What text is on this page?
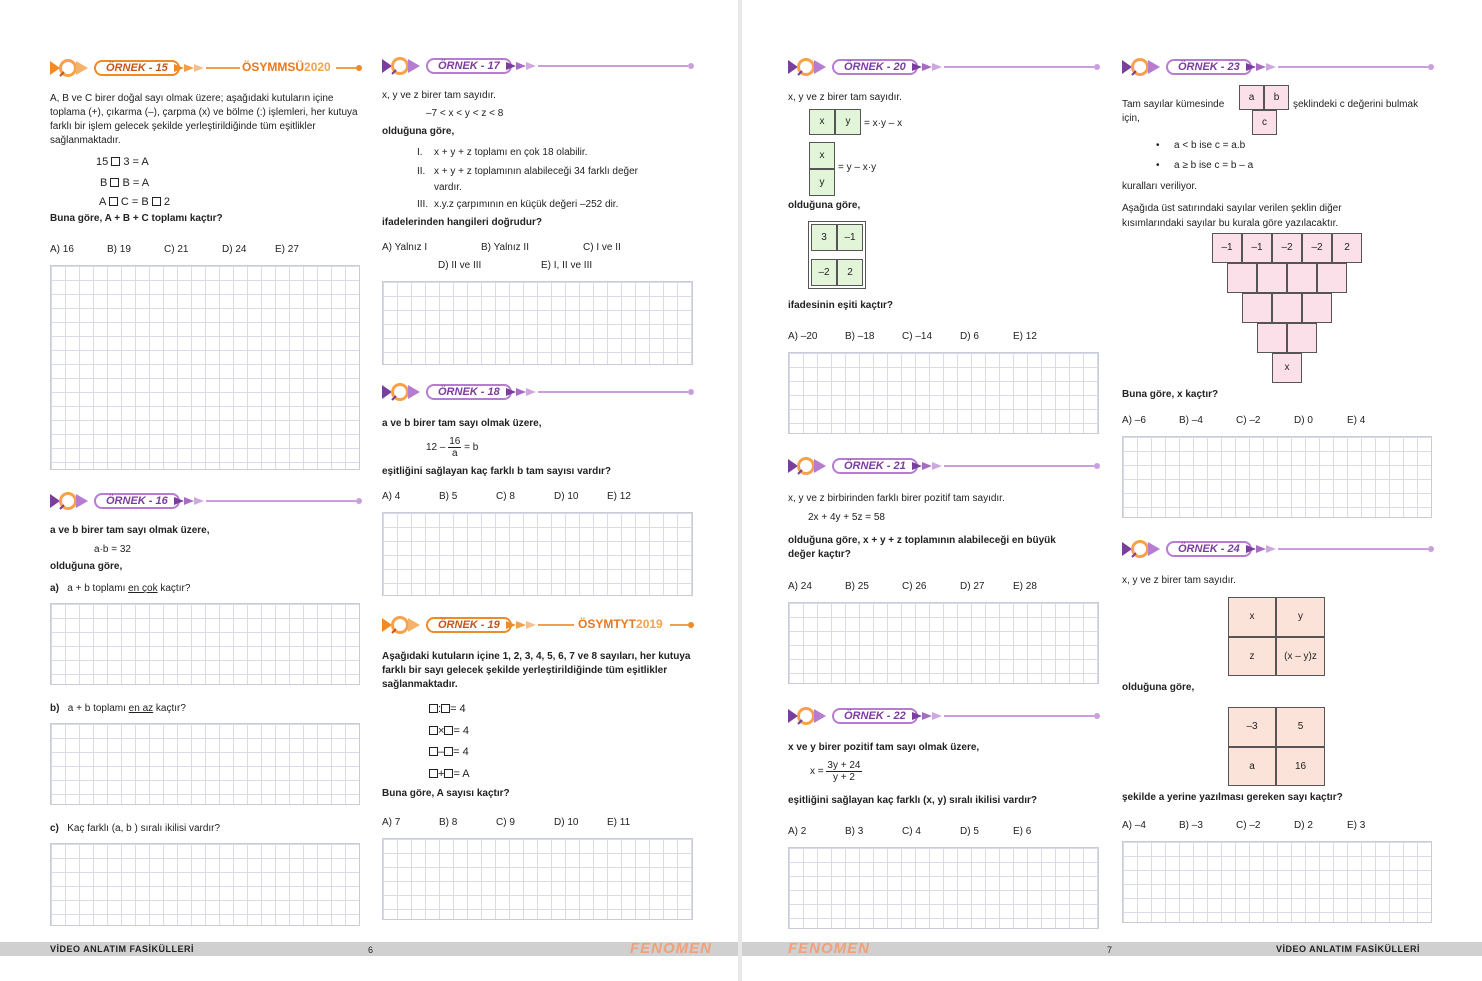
ÖRNEK - 15	ÖSYMMSÜ2020
A, B ve C birer doğal sayı olmak üzere; aşağıdaki kutuların içine toplama (+), çıkarma (–), çarpma (x) ve bölme (:) işlemleri, her kutuya farklı bir işlem gelecek şekilde yerleştirildiğinde tüm eşitlikler sağlanmaktadır.
15 3 = A
B B = A
A C = B 2
Buna göre, A + B + C toplamı kaçtır?
A) 16	B) 19	C) 21	D) 24	E) 27
ÖRNEK - 16
a ve b birer tam sayı olmak üzere,
a·b = 32
olduğuna göre,
a) a + b toplamı en çok kaçtır?
b) a + b toplamı en az kaçtır?
c) Kaç farklı (a, b ) sıralı ikilisi vardır?
ÖRNEK - 17
x, y ve z birer tam sayıdır.
–7 < x < y < z < 8
olduğuna göre,
I. x + y + z toplamı en çok 18 olabilir.
II. x + y + z toplamının alabileceği 34 farklı değer
vardır.
III. x.y.z çarpımının en küçük değeri –252 dir.
ifadelerinden hangileri doğrudur?
A) Yalnız I	B) Yalnız II	C) I ve II
D) II ve III	E) I, II ve III
ÖRNEK - 18
a ve b birer tam sayı olmak üzere,
$12 - \frac{16}{a} = b$
eşitliğini sağlayan kaç farklı b tam sayısı vardır?
A) 4	B) 5	C) 8	D) 10	E) 12
ÖRNEK - 19	ÖSYMTYT2019
Aşağıdaki kutuların içine 1, 2, 3, 4, 5, 6, 7 ve 8 sayıları, her kutuya farklı bir sayı gelecek şekilde yerleştirildiğinde tüm eşitlikler sağlanmaktadır.
: = 4
× = 4
– = 4
+ = A
Buna göre, A sayısı kaçtır?
A) 7	B) 8	C) 9	D) 10	E) 11
VİDEO ANLATIM FASİKÜLLERİ	6	FENOMEN
ÖRNEK - 20
x, y ve z birer tam sayıdır.
x	y	= x·y – x
x
y
= y – x·y
olduğuna göre,
3	–1
–2	2
ifadesinin eşiti kaçtır?
A) –20	B) –18	C) –14	D) 6	E) 12
ÖRNEK - 21
x, y ve z birbirinden farklı birer pozitif tam sayıdır.
2x + 4y + 5z = 58
olduğuna göre, x + y + z toplamının alabileceği en büyük
değer kaçtır?
A) 24	B) 25	C) 26	D) 27	E) 28
ÖRNEK - 22
x ve y birer pozitif tam sayı olmak üzere,
$x = \frac{3y + 24}{y + 2}$
eşitliğini sağlayan kaç farklı (x, y) sıralı ikilisi vardır?
A) 2	B) 3	C) 4	D) 5	E) 6
ÖRNEK - 23
Tam sayılar kümesinde
a	b
c
şeklindeki c değerini bulmak
için,
• a < b ise c = a.b
• a ≥ b ise c = b – a
kuralları veriliyor.
Aşağıda üst satırındaki sayılar verilen şeklin diğer
kısımlarındaki sayılar bu kurala göre yazılacaktır.
–1	–1	–2	–2	2
x
Buna göre, x kaçtır?
A) –6	B) –4	C) –2	D) 0	E) 4
ÖRNEK - 24
x, y ve z birer tam sayıdır.
x	y
z	(x – y)z
olduğuna göre,
–3	5
a	16
şekilde a yerine yazılması gereken sayı kaçtır?
A) –4	B) –3	C) –2	D) 2	E) 3
FENOMEN	7	VİDEO ANLATIM FASİKÜLLERİ
